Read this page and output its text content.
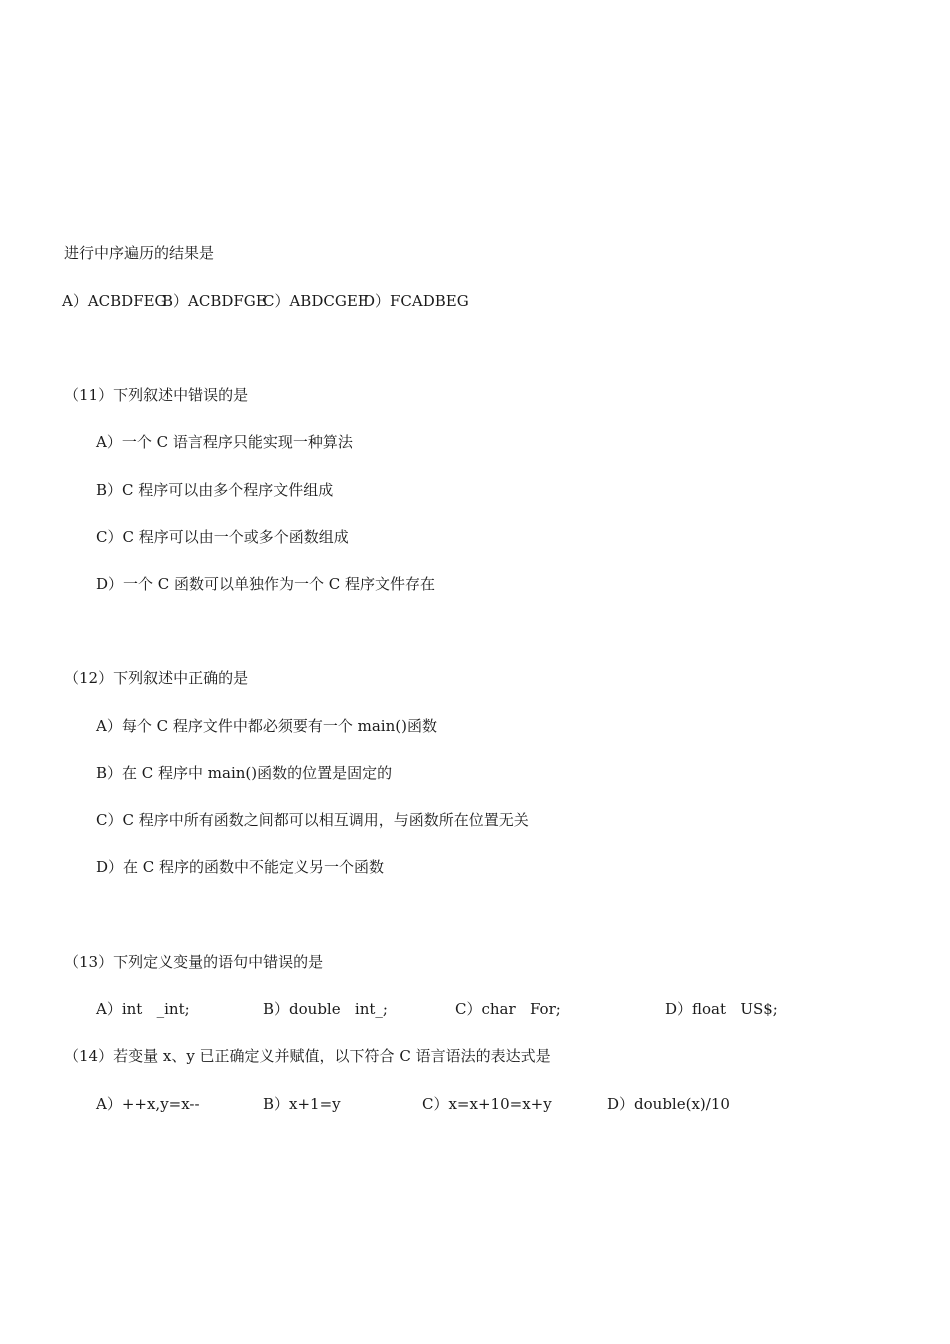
进行中序遍历的结果是
A）ACBDFEG
B）ACBDFGE
C）ABDCGEF
D）FCADBEG
（11）下列叙述中错误的是
A）一个 C 语言程序只能实现一种算法
B）C 程序可以由多个程序文件组成
C）C 程序可以由一个或多个函数组成
D）一个 C 函数可以单独作为一个 C 程序文件存在
（12）下列叙述中正确的是
A）每个 C 程序文件中都必须要有一个 main()函数
B）在 C 程序中 main()函数的位置是固定的
C）C 程序中所有函数之间都可以相互调用，与函数所在位置无关
D）在 C 程序的函数中不能定义另一个函数
（13）下列定义变量的语句中错误的是
A）int   _int;	B）double   int_;	C）char   For;	D）float   US$;
（14）若变量 x、y 已正确定义并赋值，以下符合 C 语言语法的表达式是
A）++x,y=x--	B）x+1=y	C）x=x+10=x+y	D）double(x)/10
